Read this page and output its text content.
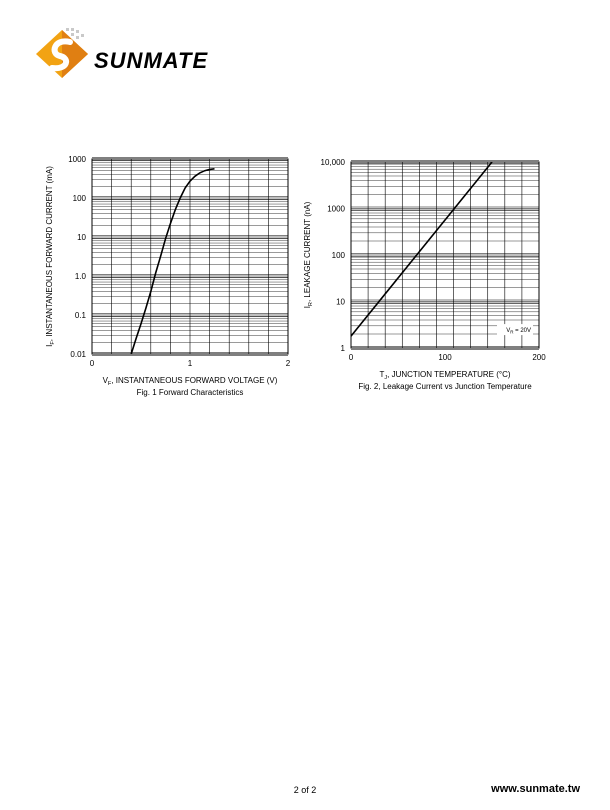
SUNMATE
0	1	2
0.01
0.1
1.0
10
100
1000
$V_F$, INSTANTANEOUS FORWARD VOLTAGE (V)
$I_F$, INSTANTANEOUS FORWARD CURRENT (mA)
Fig. 1 Forward Characteristics
0	100	200
1
10
100
1000
10,000
$V_R = 20V$
$T_J$, JUNCTION TEMPERATURE (°C)
$I_R$, LEAKAGE CURRENT (nA)
Fig. 2, Leakage Current vs Junction Temperature
2 of 2	www.sunmate.tw
